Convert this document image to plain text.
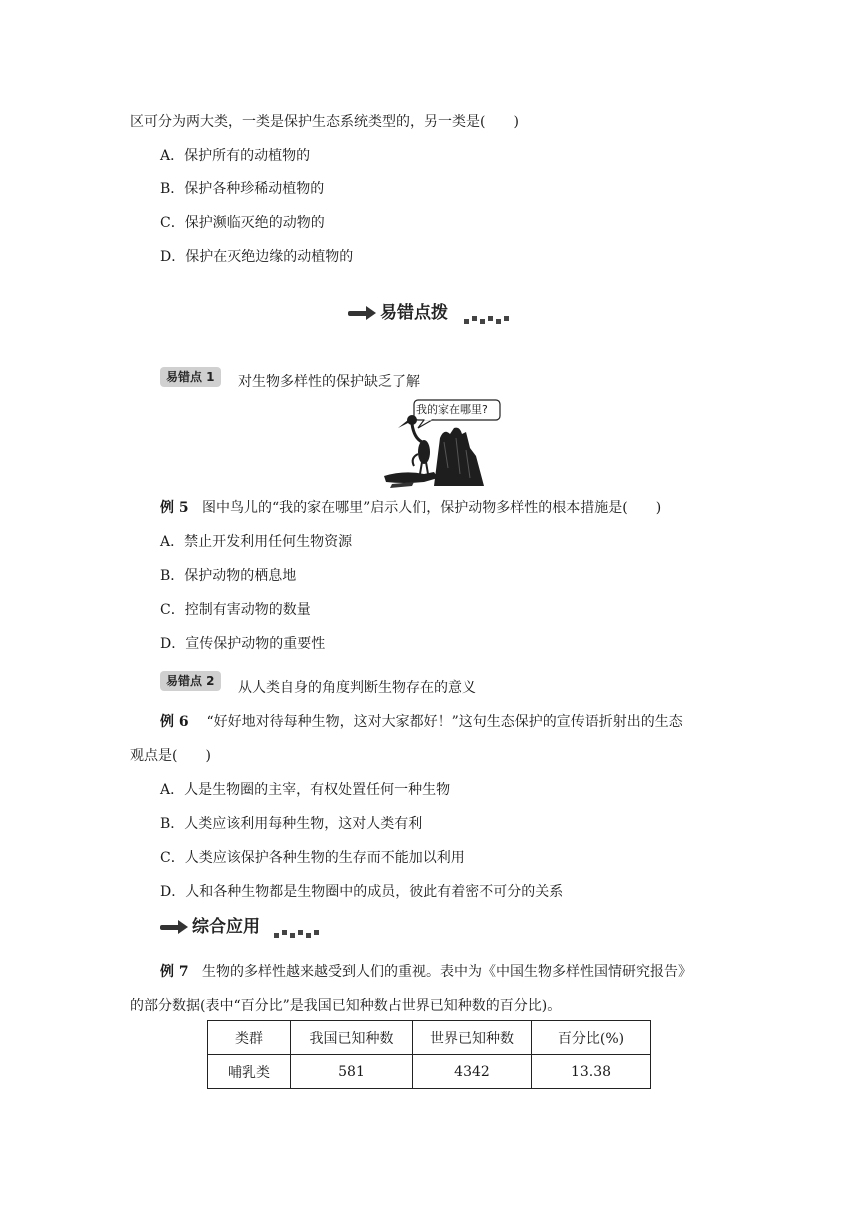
区可分为两大类，一类是保护生态系统类型的，另一类是(　　)
A．保护所有的动植物的
B．保护各种珍稀动植物的
C．保护濒临灭绝的动物的
D．保护在灭绝边缘的动植物的
易错点拨
易错点 1	对生物多样性的保护缺乏了解
我的家在哪里?
例 5 图中鸟儿的“我的家在哪里”启示人们，保护动物多样性的根本措施是(　　)
A．禁止开发利用任何生物资源
B．保护动物的栖息地
C．控制有害动物的数量
D．宣传保护动物的重要性
易错点 2	从人类自身的角度判断生物存在的意义
例 6 “好好地对待每种生物，这对大家都好！”这句生态保护的宣传语折射出的生态
观点是(　　)
A．人是生物圈的主宰，有权处置任何一种生物
B．人类应该利用每种生物，这对人类有利
C．人类应该保护各种生物的生存而不能加以利用
D．人和各种生物都是生物圈中的成员，彼此有着密不可分的关系
综合应用
例 7 生物的多样性越来越受到人们的重视。表中为《中国生物多样性国情研究报告》
的部分数据(表中“百分比”是我国已知种数占世界已知种数的百分比)。
类群	我国已知种数	世界已知种数	百分比(%)
哺乳类	581	4342	13.38
